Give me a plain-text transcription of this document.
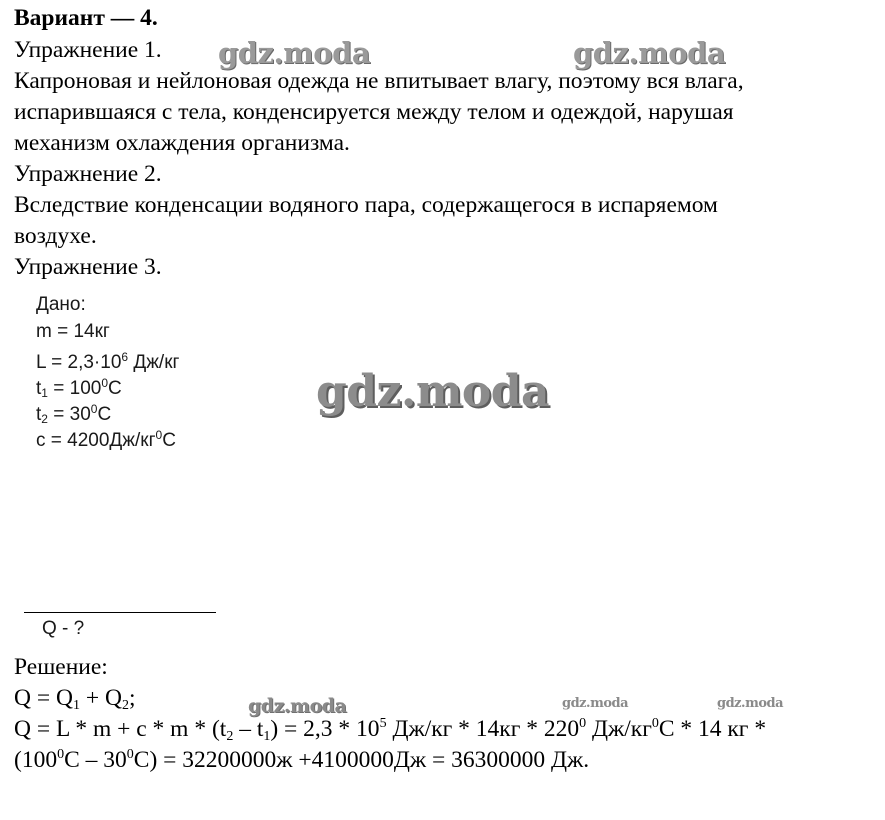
Вариант — 4.
Упражнение 1.
Капроновая и нейлоновая одежда не впитывает влагу, поэтому вся влага,
испарившаяся с тела, конденсируется между телом и одеждой, нарушая
механизм охлаждения организма.
Упражнение 2.
Вследствие конденсации водяного пара, содержащегося в испаряемом
воздухе.
Упражнение 3.
Дано:
m = 14кг
$L = 2,3\cdot 10^6$ Дж/кг
$t_1 = 100^0C$
$t_2 = 30^0C$
$c = 4200Дж/кг^0C$
Q - ?
Решение:
$Q = Q_1 + Q_2$;
$Q = L * m + c * m * (t_2 - t_1) = 2,3 * 10^5$ $Дж/кг * 14кг * 220^0$ $Дж/кг^0C * 14$ кг *
$(100^0C - 30^0C) = 32200000ж +4100000Дж = 36300000$ Дж.
gdz.moda	gdz.moda
gdz.moda
gdz.moda	gdz.moda	gdz.moda
